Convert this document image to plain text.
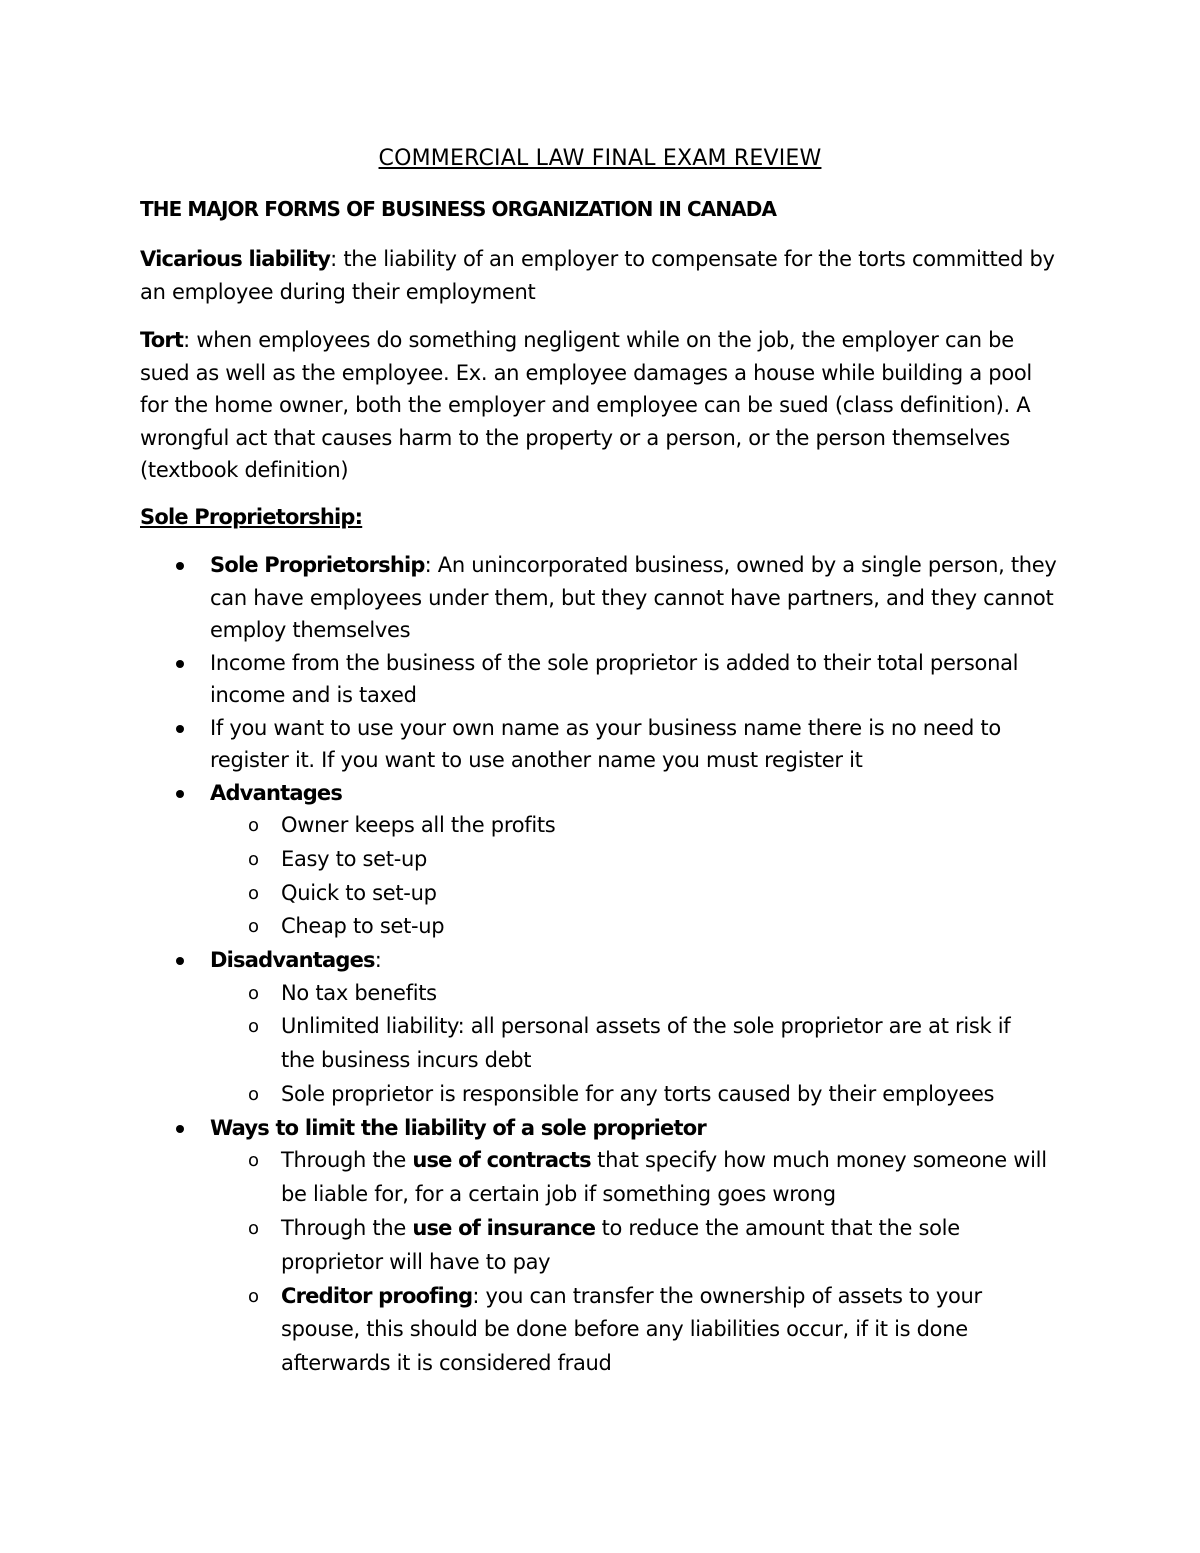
COMMERCIAL LAW FINAL EXAM REVIEW
THE MAJOR FORMS OF BUSINESS ORGANIZATION IN CANADA
Vicarious liability: the liability of an employer to compensate for the torts committed by an employee during their employment
Tort: when employees do something negligent while on the job, the employer can be sued as well as the employee. Ex. an employee damages a house while building a pool for the home owner, both the employer and employee can be sued (class definition). A wrongful act that causes harm to the property or a person, or the person themselves (textbook definition)
Sole Proprietorship:
Sole Proprietorship: An unincorporated business, owned by a single person, they can have employees under them, but they cannot have partners, and they cannot employ themselves
Income from the business of the sole proprietor is added to their total personal income and is taxed
If you want to use your own name as your business name there is no need to register it. If you want to use another name you must register it
Advantages
o Owner keeps all the profits
o Easy to set-up
o Quick to set-up
o Cheap to set-up
Disadvantages:
o No tax benefits
o Unlimited liability: all personal assets of the sole proprietor are at risk if the business incurs debt
o Sole proprietor is responsible for any torts caused by their employees
Ways to limit the liability of a sole proprietor
o Through the use of contracts that specify how much money someone will be liable for, for a certain job if something goes wrong
o Through the use of insurance to reduce the amount that the sole proprietor will have to pay
o Creditor proofing: you can transfer the ownership of assets to your spouse, this should be done before any liabilities occur, if it is done afterwards it is considered fraud
